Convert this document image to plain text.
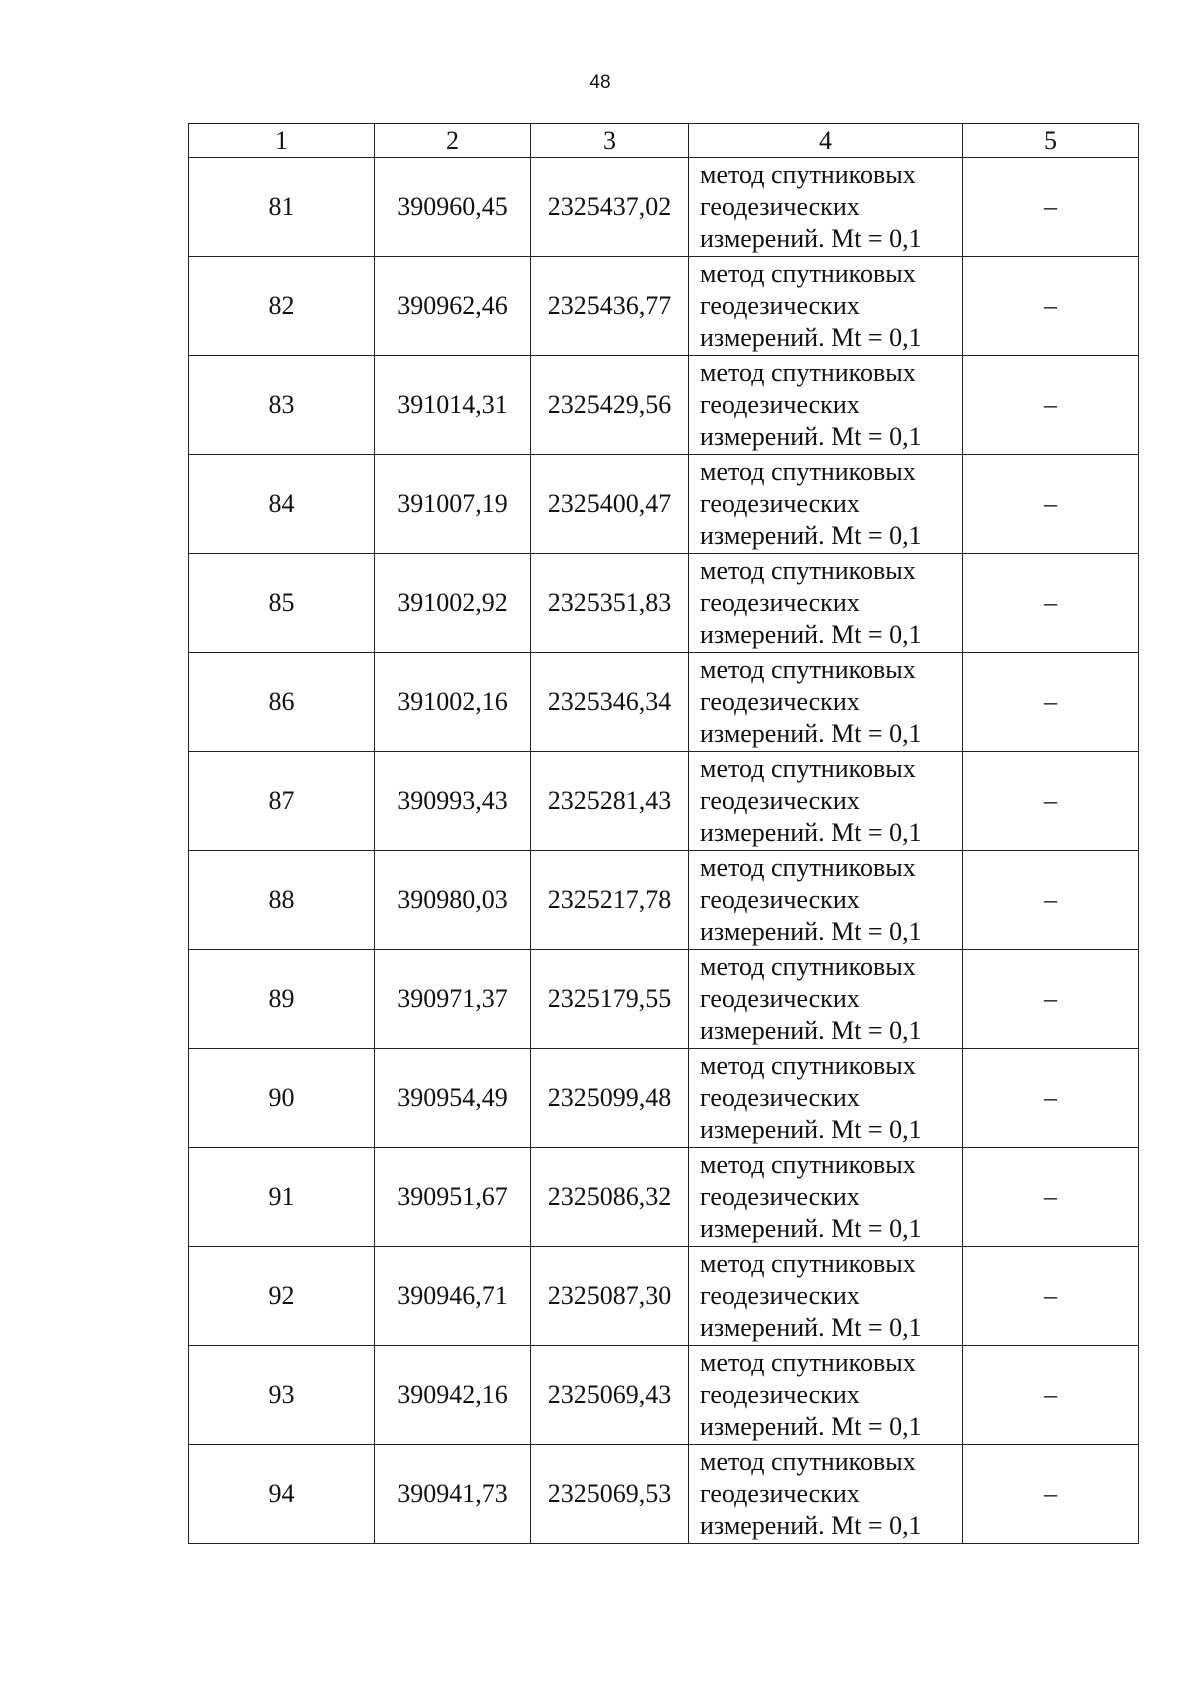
48
1	2	3	4	5
81	390960,45	2325437,02	метод спутниковых
геодезических
измерений. Mt = 0,1	–
82	390962,46	2325436,77	метод спутниковых
геодезических
измерений. Mt = 0,1	–
83	391014,31	2325429,56	метод спутниковых
геодезических
измерений. Mt = 0,1	–
84	391007,19	2325400,47	метод спутниковых
геодезических
измерений. Mt = 0,1	–
85	391002,92	2325351,83	метод спутниковых
геодезических
измерений. Mt = 0,1	–
86	391002,16	2325346,34	метод спутниковых
геодезических
измерений. Mt = 0,1	–
87	390993,43	2325281,43	метод спутниковых
геодезических
измерений. Mt = 0,1	–
88	390980,03	2325217,78	метод спутниковых
геодезических
измерений. Mt = 0,1	–
89	390971,37	2325179,55	метод спутниковых
геодезических
измерений. Mt = 0,1	–
90	390954,49	2325099,48	метод спутниковых
геодезических
измерений. Mt = 0,1	–
91	390951,67	2325086,32	метод спутниковых
геодезических
измерений. Mt = 0,1	–
92	390946,71	2325087,30	метод спутниковых
геодезических
измерений. Mt = 0,1	–
93	390942,16	2325069,43	метод спутниковых
геодезических
измерений. Mt = 0,1	–
94	390941,73	2325069,53	метод спутниковых
геодезических
измерений. Mt = 0,1	–
